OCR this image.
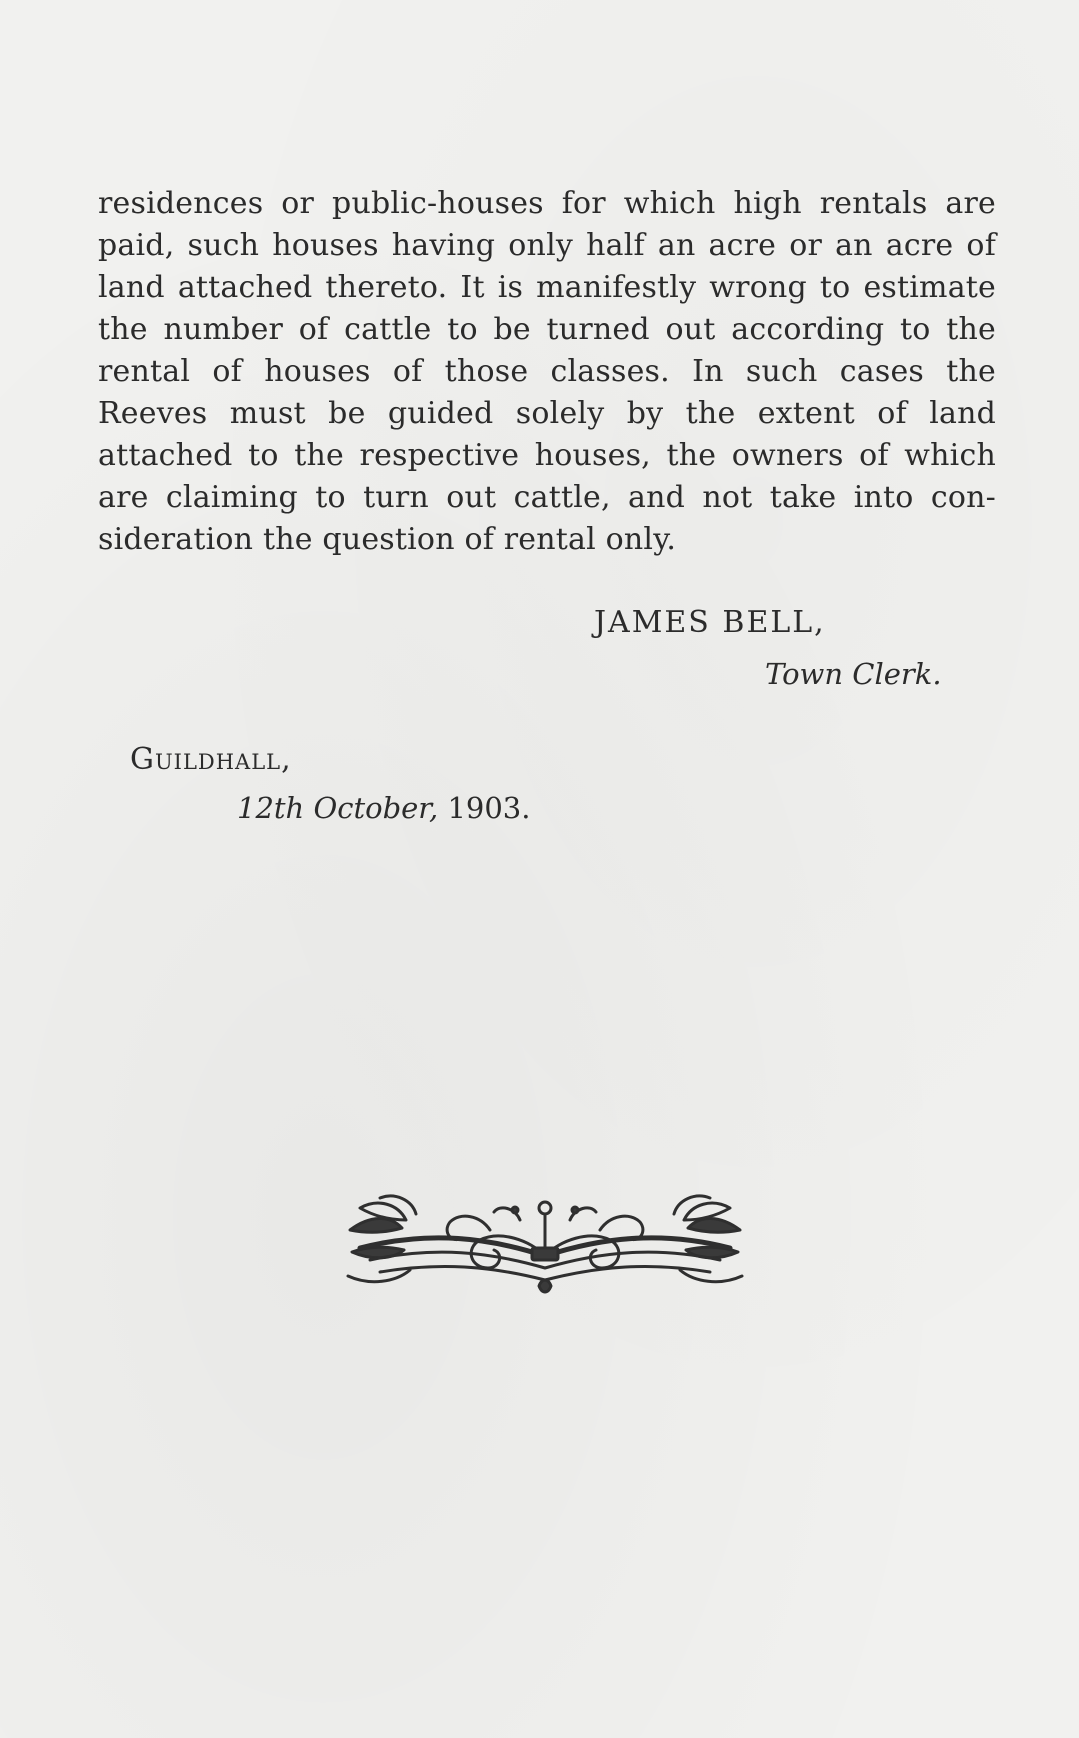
residences or public-houses for which high rentals are
paid, such houses having only half an acre or an acre of
land attached thereto. It is manifestly wrong to estimate
the number of cattle to be turned out according to the
rental of houses of those classes. In such cases the
Reeves must be guided solely by the extent of land
attached to the respective houses, the owners of which
are claiming to turn out cattle, and not take into con-
sideration the question of rental only.

JAMES BELL,

Town Clerk.

Guildhall,

12th October, 1903.
